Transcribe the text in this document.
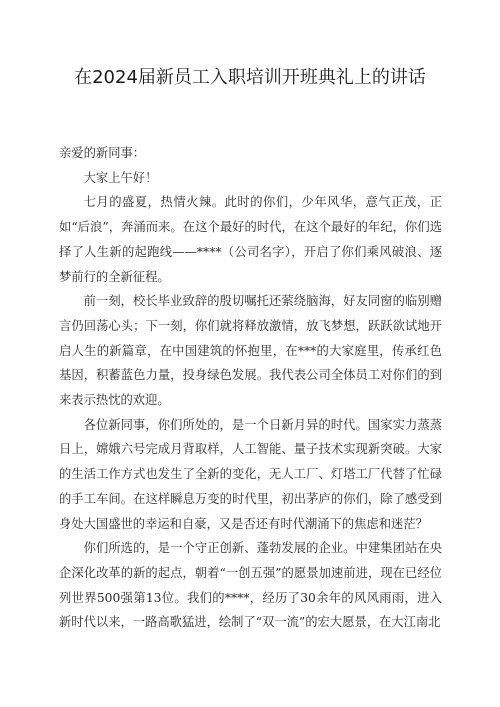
在2024届新员工入职培训开班典礼上的讲话

亲爱的新同事：

大家上午好！

七月的盛夏，热情火辣。此时的你们，少年风华，意气正茂，正如“后浪”，奔涌而来。在这个最好的时代，在这个最好的年纪，你们选择了人生新的起跑线——****（公司名字），开启了你们乘风破浪、逐梦前行的全新征程。

前一刻，校长毕业致辞的殷切嘱托还萦绕脑海，好友同窗的临别赠言仍回荡心头；下一刻，你们就将释放激情，放飞梦想，跃跃欲试地开启人生的新篇章，在中国建筑的怀抱里，在***的大家庭里，传承红色基因，积蓄蓝色力量，投身绿色发展。我代表公司全体员工对你们的到来表示热忱的欢迎。

各位新同事，你们所处的，是一个日新月异的时代。国家实力蒸蒸日上，嫦娥六号完成月背取样，人工智能、量子技术实现新突破。大家的生活工作方式也发生了全新的变化，无人工厂、灯塔工厂代替了忙碌的手工车间。在这样瞬息万变的时代里，初出茅庐的你们，除了感受到身处大国盛世的幸运和自豪，又是否还有时代潮涌下的焦虑和迷茫？

你们所选的，是一个守正创新、蓬勃发展的企业。中建集团站在央企深化改革的新的起点，朝着“一创五强”的愿景加速前进，现在已经位列世界500强第13位。我们的****，经历了30余年的风风雨雨，进入新时代以来，一路高歌猛进，绘制了“双一流”的宏大愿景，在大江南北
